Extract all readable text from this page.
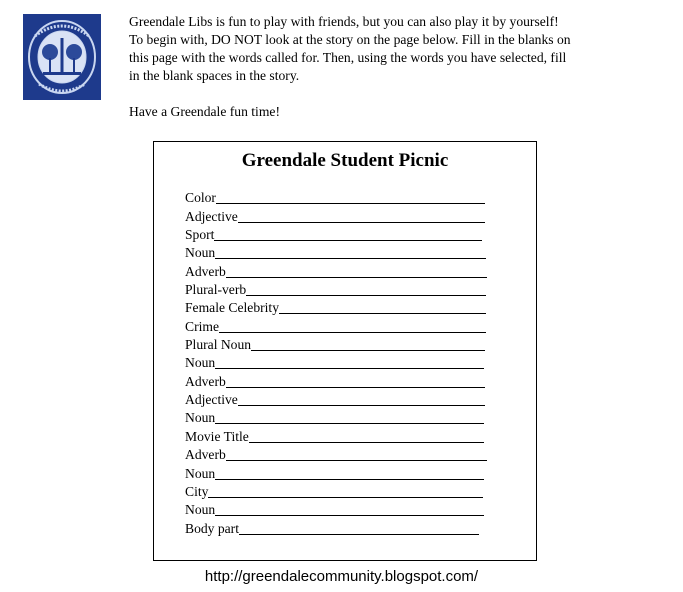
Greendale Libs is fun to play with friends, but you can also play it by yourself!
To begin with, DO NOT look at the story on the page below. Fill in the blanks on
this page with the words called for. Then, using the words you have selected, fill
in the blank spaces in the story.

Have a Greendale fun time!

Greendale Student Picnic
Color
Adjective
Sport
Noun
Adverb
Plural-verb
Female Celebrity
Crime
Plural Noun
Noun
Adverb
Adjective
Noun
Movie Title
Adverb
Noun
City
Noun
Body part
http://greendalecommunity.blogspot.com/
